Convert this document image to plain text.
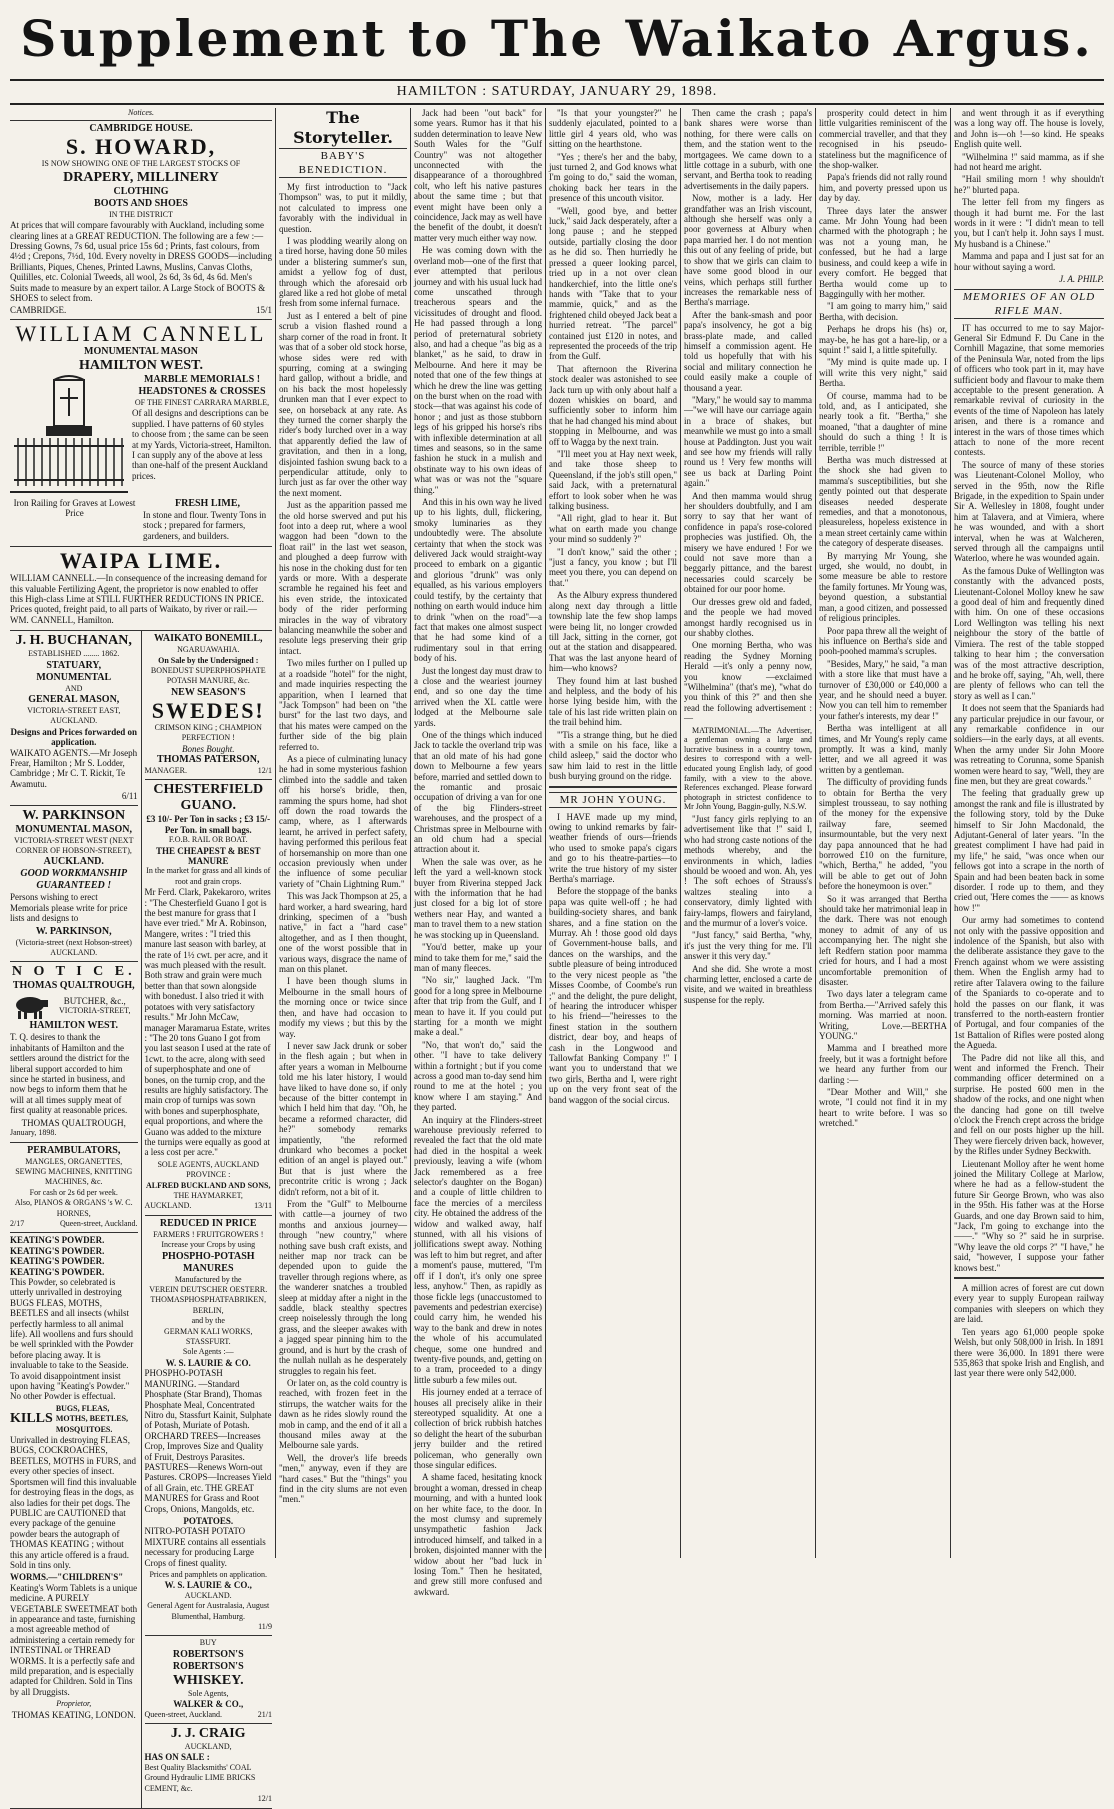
Supplement to The Waikato Argus.
HAMILTON : SATURDAY, JANUARY 29, 1898.
Notices.
CAMBRIDGE HOUSE.
S. HOWARD,
IS NOW SHOWING ONE OF THE LARGEST STOCKS OF
DRAPERY, MILLINERY
CLOTHING
BOOTS AND SHOES
IN THE DISTRICT

At prices that will compare favourably with Auckland, including some clearing lines at a GREAT REDUCTION. The following are a few :—Dressing Gowns, 7s 6d, usual price 15s 6d ; Prints, fast colours, from 4½d ; Crepons, 7½d, 10d. Every novelty in DRESS GOODS—including Brilliants, Piques, Chenes, Printed Lawns, Muslins, Canvas Cloths, Quililles, etc. Colonial Tweeds, all wool, 2s 6d, 3s 6d, 4s 6d. Men's Suits made to measure by an expert tailor. A Large Stock of BOOTS & SHOES to select from.

CAMBRIDGE.	15/1
WILLIAM CANNELL
MONUMENTAL MASON
HAMILTON WEST.
MARBLE MEMORIALS !
HEADSTONES & CROSSES
OF THE FINEST CARRARA MARBLE,

Of all designs and descriptions can be supplied. I have patterns of 60 styles to choose from ; the same can be seen at my Yards, Victoria-street, Hamilton. I can supply any of the above at less than one-half of the present Auckland prices.

Iron Railing for Graves at Lowest Price
FRESH LIME,

In stone and flour. Twenty Tons in stock ; prepared for farmers, gardeners, and builders.

WAIPA LIME.

WILLIAM CANNELL.—In consequence of the increasing demand for this valuable Fertilizing Agent, the proprietor is now enabled to offer this High-class Lime at STILL FURTHER REDUCTIONS IN PRICE. Prices quoted, freight paid, to all parts of Waikato, by river or rail.—WM. CANNELL, Hamilton.

J. H. BUCHANAN,
ESTABLISHED ........ 1862.
STATUARY, MONUMENTAL
AND
GENERAL MASON,
VICTORIA-STREET EAST, AUCKLAND.
Designs and Prices forwarded on application.

WAIKATO AGENTS.—Mr Joseph Frear, Hamilton ; Mr S. Lodder, Cambridge ; Mr C. T. Rickit, Te Awamutu.

6/11
W. PARKINSON
MONUMENTAL MASON,
VICTORIA-STREET WEST (NEXT CORNER OF HOBSON-STREET),
AUCKLAND.
GOOD WORKMANSHIP
GUARANTEED !

Persons wishing to erect Memorials please write for price lists and designs to

W. PARKINSON,
(Victoria-street (next Hobson-street) AUCKLAND.
N O T I C E.
THOMAS QUALTROUGH,
BUTCHER, &c.,
VICTORIA-STREET,
HAMILTON WEST.

T. Q. desires to thank the inhabitants of Hamilton and the settlers around the district for the liberal support accorded to him since he started in business, and now begs to inform them that he will at all times supply meat of first quality at reasonable prices.

THOMAS QUALTROUGH,
January, 1898.
PERAMBULATORS,
MANGLES, ORGANETTES,
SEWING MACHINES, KNITTING MACHINES, &c.
For cash or 2s 6d per week.
Also, PIANOS & ORGANS 's W. C. HORNES,
2/17	Queen-street, Auckland.
KEATING'S POWDER.
KEATING'S POWDER.
KEATING'S POWDER.
KEATING'S POWDER.

This Powder, so celebrated is utterly unrivalled in destroying BUGS FLEAS, MOTHS, BEETLES and all insects (whilst perfectly harmless to all animal life). All woollens and furs should be well sprinkled with the Powder before placing away. It is invaluable to take to the Seaside. To avoid disappointment insist upon having "Keating's Powder." No other Powder is effectual.

KILLS
BUGS, FLEAS, MOTHS, BEETLES, MOSQUITOES.

Unrivalled in destroying FLEAS, BUGS, COCKROACHES, BEETLES, MOTHS in FURS, and every other species of insect. Sportsmen will find this invaluable for destroying fleas in the dogs, as also ladies for their pet dogs. The PUBLIC are CAUTIONED that every package of the genuine powder bears the autograph of THOMAS KEATING ; without this any article offered is a fraud. Sold in tins only.

WORMS.—"CHILDREN'S"

Keating's Worm Tablets is a unique medicine. A PURELY VEGETABLE SWEETMEAT both in appearance and taste, furnishing a most agreeable method of administering a certain remedy for INTESTINAL or THREAD WORMS. It is a perfectly safe and mild preparation, and is especially adapted for Children. Sold in Tins by all Druggists.

Proprietor,
THOMAS KEATING, LONDON.
WAIKATO BONEMILL,
NGARUAWAHIA.
On Sale by the Undersigned :
BONEDUST SUPERPHOSPHATE POTASH MANURE, &c.
NEW SEASON'S
SWEDES!
CRIMSON KING ; CHAMPION PERFECTION !
Bones Bought.
THOMAS PATERSON,
MANAGER.	12/1
CHESTERFIELD GUANO.
£3 10/- Per Ton in sacks ; £3 15/- Per Ton. in small bags.
F.O.B. RAIL OR BOAT.
THE CHEAPEST & BEST MANURE
In the market for grass and all kinds of root and grain crops.

Mr Ferd. Clark, Pakekaroro, writes : "The Chesterfield Guano I got is the best manure for grass that I have ever tried." Mr A. Robinson, Mangere, writes : "I tried this manure last season with barley, at the rate of 1½ cwt. per acre, and it was much pleased with the result. Both straw and grain were much better than that sown alongside with bonedust. I also tried it with potatoes with very satisfactory results." Mr John McCaw, manager Maramarua Estate, writes : "The 20 tons Guano I got from you last season I used at the rate of 1cwt. to the acre, along with seed of superphosphate and one of bones, on the turnip crop, and the results are highly satisfactory. The main crop of turnips was sown with bones and superphosphate, equal proportions, and where the Guano was added to the mixture the turnips were equally as good at a less cost per acre."

SOLE AGENTS, AUCKLAND PROVINCE :
ALFRED BUCKLAND AND SONS,
THE HAYMARKET,
AUCKLAND.	13/11
REDUCED IN PRICE
FARMERS ! FRUITGROWERS !
Increase your Crops by using
PHOSPHO-POTASH MANURES
Manufactured by the
VEREIN DEUTSCHER OESTERR. THOMASPHOSPHATFABRIKEN, BERLIN,
and by the
GERMAN KALI WORKS, STASSFURT.
Sole Agents :—
W. S. LAURIE & CO.

PHOSPHO-POTASH MANURING. —Standard Phosphate (Star Brand), Thomas Phosphate Meal, Concentrated Nitro du, Stassfurt Kainit, Sulphate of Potash, Muriate of Potash. ORCHARD TREES—Increases Crop, Improves Size and Quality of Fruit, Destroys Parasites. PASTURES—Renews Worn-out Pastures. CROPS—Increases Yield of all Grain, etc. THE GREAT MANURES for Grass and Root Crops, Onions, Mangolds, etc.

POTATOES.

NITRO-POTASH POTATO MIXTURE contains all essentials necessary for producing Large Crops of finest quality.

Prices and pamphlets on application.
W. S. LAURIE & CO.,
AUCKLAND.
General Agent for Australasia, August Blumenthal, Hamburg.
11/9
BUY
ROBERTSON'S
ROBERTSON'S
WHISKEY.
Sole Agents,
WALKER & CO.,
Queen-street, Auckland.	21/1
J. J. CRAIG
AUCKLAND,
HAS ON SALE :
Best Quality Blacksmiths' COAL Ground Hydraulic LIME BRICKS CEMENT, &c.
12/1
The Storyteller.
BABY'S BENEDICTION.

My first introduction to "Jack Thompson" was, to put it mildly, not calculated to impress one favorably with the individual in question.

I was plodding wearily along on a tired horse, having done 50 miles under a blistering summer's sun, amidst a yellow fog of dust, through which the aforesaid orb glared like a red hot globe of metal fresh from some infernal furnace.

Just as I entered a belt of pine scrub a vision flashed round a sharp corner of the road in front. It was that of a sober old stock horse, whose sides were red with spurring, coming at a swinging hard gallop, without a bridle, and on his back the most hopelessly drunken man that I ever expect to see, on horseback at any rate. As they turned the corner sharply the rider's body lurched over in a way that apparently defied the law of gravitation, and then in a long, disjointed fashion swung back to a perpendicular attitude, only to lurch just as far over the other way the next moment.

Just as the apparition passed me the old horse swerved and put his foot into a deep rut, where a wool waggon had been "down to the float rail" in the last wet season, and ploughed a deep furrow with his nose in the choking dust for ten yards or more. With a desperate scramble he regained his feet and his even stride, the intoxicated body of the rider performing miracles in the way of vibratory balancing meanwhile the sober and resolute legs preserving their grip intact.

Two miles further on I pulled up at a roadside "hotel" for the night, and made inquiries respecting the apparition, when I learned that "Jack Tompson" had been on "the burst" for the last two days, and that his mates were camped on the further side of the big plain referred to.

As a piece of culminating lunacy he had in some mysterious fashion climbed into the saddle and taken off his horse's bridle, then, ramming the spurs home, had shot off down the road towards the camp, where, as I afterwards learnt, he arrived in perfect safety, having performed this perilous feat of horsemanship on more than one occasion previously when under the influence of some peculiar variety of "Chain Lightning Rum."

This was Jack Thompson at 25, a hard worker, a hard swearing, hard drinking, specimen of a "bush native," in fact a "hard case" altogether, and as I then thought, one of the worst possible that in various ways, disgrace the name of man on this planet.

I have been though slums in Melbourne in the small hours of the morning once or twice since then, and have had occasion to modify my views ; but this by the way.

I never saw Jack drunk or sober in the flesh again ; but when in after years a woman in Melbourne told me his later history, I would have liked to have done so, if only because of the bitter contempt in which I held him that day. "Oh, he became a reformed character, did he?" somebody remarks impatiently, "the reformed drunkard who becomes a pocket edition of an angel is played out." But that is just where the precontrite critic is wrong ; Jack didn't reform, not a bit of it.

From the "Gulf" to Melbourne with cattle—a journey of two months and anxious journey—through "new country," where nothing save bush craft exists, and neither map nor track can be depended upon to guide the traveller through regions where, as the wanderer snatches a troubled sleep at midday after a night in the saddle, black stealthy spectres creep noiselessly through the long grass, and the sleeper awakes with a jagged spear pinning him to the ground, and is hurt by the crash of the nullah nullah as he desperately struggles to regain his feet.

Or later on, as the cold country is reached, with frozen feet in the stirrups, the watcher waits for the dawn as he rides slowly round the mob in camp, and the end of it all a thousand miles away at the Melbourne sale yards.

Well, the drover's life breeds "men," anyway, even if they are "hard cases." But the "things" you find in the city slums are not even "men."

Jack had been "out back" for some years. Rumor has it that his sudden determination to leave New South Wales for the "Gulf Country" was not altogether unconnected with the disappearance of a thoroughbred colt, who left his native pastures about the same time ; but that event might have been only a coincidence, Jack may as well have the benefit of the doubt, it doesn't matter very much either way now.

He was coming down with the overland mob—one of the first that ever attempted that perilous journey and with his usual luck had come unscathed through treacherous spears and the vicissitudes of drought and flood. He had passed through a long period of preternatural sobriety also, and had a cheque "as big as a blanket," as he said, to draw in Melbourne. And here it may be noted that one of the few things at which he drew the line was getting on the burst when on the road with stock—that was against his code of honor ; and just as those stubborn legs of his gripped his horse's ribs with inflexible determination at all times and seasons, so in the same fashion he stuck in a mulish and obstinate way to his own ideas of what was or was not the "square thing."

And this in his own way he lived up to his lights, dull, flickering, smoky luminaries as they undoubtedly were. The absolute certainty that when the stock was delivered Jack would straight-way proceed to embark on a gigantic and glorious "drunk" was only equalled, as his various employers could testify, by the certainty that nothing on earth would induce him to drink "when on the road"—a fact that makes one almost suspect that he had some kind of a rudimentary soul in that erring body of his.

Just the longest day must draw to a close and the weariest journey end, and so one day the time arrived when the XL cattle were lodged at the Melbourne sale yards.

One of the things which induced Jack to tackle the overland trip was that an old mate of his had gone down to Melbourne a few years before, married and settled down to the romantic and prosaic occupation of driving a van for one of the big Flinders-street warehouses, and the prospect of a Christmas spree in Melbourne with an old chum had a special attraction about it.

When the sale was over, as he left the yard a well-known stock buyer from Riverina stepped Jack with the information that he had just closed for a big lot of store wethers near Hay, and wanted a man to travel them to a new station he was stocking up in Queensland.

"You'd better, make up your mind to take them for me," said the man of many fleeces.

"No sir," laughed Jack. "I'm good for a long spree in Melbourne after that trip from the Gulf, and I mean to have it. If you could put starting for a month we might make a deal."

"No, that won't do," said the other. "I have to take delivery within a fortnight ; but if you come across a good man to-day send him round to me at the hotel ; you know where I am staying." And they parted.

An inquiry at the Flinders-street warehouse previously referred to revealed the fact that the old mate had died in the hospital a week previously, leaving a wife (whom Jack remembered as a free selector's daughter on the Bogan) and a couple of little children to face the mercies of a merciless city. He obtained the address of the widow and walked away, half stunned, with all his visions of jollifications swept away. Nothing was left to him but regret, and after a moment's pause, muttered, "I'm off if I don't, it's only one spree less, anyhow." Then, as rapidly as those fickle legs (unaccustomed to pavements and pedestrian exercise) could carry him, he wended his way to the bank and drew in notes the whole of his accumulated cheque, some one hundred and twenty-five pounds, and, getting on to a tram, proceeded to a dingy little suburb a few miles out.

His journey ended at a terrace of houses all precisely alike in their stereotyped squalidity. At one a collection of brick rubbish hatches so delight the heart of the suburban jerry builder and the retired policeman, who generally own those singular edifices.

A shame faced, hesitating knock brought a woman, dressed in cheap mourning, and with a hunted look on her white face, to the door. In the most clumsy and supremely unsympathetic fashion Jack introduced himself, and talked in a broken, disjointed manner with the widow about her "bad luck in losing Tom." Then he hesitated, and grew still more confused and awkward.

"Is that your youngster?" he suddenly ejaculated, pointed to a little girl 4 years old, who was sitting on the hearthstone.

"Yes ; there's her and the baby, just turned 2, and God knows what I'm going to do," said the woman, choking back her tears in the presence of this uncouth visitor.

"Well, good bye, and better luck," said Jack desperately, after a long pause ; and he stepped outside, partially closing the door as he did so. Then hurriedly he pressed a queer looking parcel, tried up in a not over clean handkerchief, into the little one's hands with "Take that to your mammie, quick," and as the frightened child obeyed Jack beat a hurried retreat. "The parcel" contained just £120 in notes, and represented the proceeds of the trip from the Gulf.

That afternoon the Riverina stock dealer was astonished to see Jack turn up with only about half a dozen whiskies on board, and sufficiently sober to inform him that he had changed his mind about stopping in Melbourne, and was off to Wagga by the next train.

"I'll meet you at Hay next week, and take those sheep to Queensland, if the job's still open," said Jack, with a preternatural effort to look sober when he was talking business.

"All right, glad to hear it. But what on earth made you change your mind so suddenly ?"

"I don't know," said the other ; "just a fancy, you know ; but I'll meet you there, you can depend on that."

As the Albury express thundered along next day through a little township late the few shop lamps were being lit, no longer crowded till Jack, sitting in the corner, got out at the station and disappeared. That was the last anyone heard of him—who knows?

They found him at last bushed and helpless, and the body of his horse lying beside him, with the tale of his last ride written plain on the trail behind him.

"'Tis a strange thing, but he died with a smile on his face, like a child asleep," said the doctor who saw him laid to rest in the little bush burying ground on the ridge.

MR JOHN YOUNG.

I HAVE made up my mind, owing to unkind remarks by fair-weather friends of ours—friends who used to smoke papa's cigars and go to his theatre-parties—to write the true history of my sister Bertha's marriage.

Before the stoppage of the banks papa was quite well-off ; he had building-society shares, and bank shares, and a fine station on the Murray. Ah ! those good old days of Government-house balls, and dances on the warships, and the subtle pleasure of being introduced to the very nicest people as "the Misses Coombe, of Coombe's run ;" and the delight, the pure delight, of hearing the introducer whisper to his friend—"heiresses to the finest station in the southern district, dear boy, and heaps of cash in the Longwood and Tallowfat Banking Company !" I want you to understand that we two girls, Bertha and I, were right up on the very front seat of the band waggon of the social circus.

Then came the crash ; papa's bank shares were worse than nothing, for there were calls on them, and the station went to the mortgagees. We came down to a little cottage in a suburb, with one servant, and Bertha took to reading advertisements in the daily papers.

Now, mother is a lady. Her grandfather was an Irish viscount, although she herself was only a poor governess at Albury when papa married her. I do not mention this out of any feeling of pride, but to show that we girls can claim to have some good blood in our veins, which perhaps still further increases the remarkable ness of Bertha's marriage.

After the bank-smash and poor papa's insolvency, he got a big brass-plate made, and called himself a commission agent. He told us hopefully that with his social and military connection he could easily make a couple of thousand a year.

"Mary," he would say to mamma —"we will have our carriage again in a brace of shakes, but meanwhile we must go into a small house at Paddington. Just you wait and see how my friends will rally round us ! Very few months will see us back at Darling Point again."

And then mamma would shrug her shoulders doubtfully, and I am sorry to say that her want of confidence in papa's rose-colored prophecies was justified. Oh, the misery we have endured ! For we could not save more than a beggarly pittance, and the barest necessaries could scarcely be obtained for our poor home.

Our dresses grew old and faded, and the people we had moved amongst hardly recognised us in our shabby clothes.

One morning Bertha, who was reading the Sydney Morning Herald —it's only a penny now, you know —exclaimed "Wilhelmina" (that's me), "what do you think of this ?" and then she read the following advertisement :—

MATRIMONIAL.—The Advertiser, a gentleman owning a large and lucrative business in a country town, desires to correspond with a well-educated young English lady, of good family, with a view to the above. References exchanged. Please forward photograph in strictest confidence to Mr John Young, Baggin-gully, N.S.W.

"Just fancy girls replying to an advertisement like that !" said I, who had strong caste notions of the methods whereby, and the environments in which, ladies should be wooed and won. Ah, yes ! The soft echoes of Strauss's waltzes stealing into a conservatory, dimly lighted with fairy-lamps, flowers and fairyland, and the murmur of a lover's voice.

"Just fancy," said Bertha, "why, it's just the very thing for me. I'll answer it this very day."

And she did. She wrote a most charming letter, enclosed a carte de visite, and we waited in breathless suspense for the reply.

prosperity could detect in him little vulgarities reminiscent of the commercial traveller, and that they recognised in his pseudo-stateliness but the magnificence of the shop-walker.

Papa's friends did not rally round him, and poverty pressed upon us day by day.

Three days later the answer came. Mr John Young had been charmed with the photograph ; he was not a young man, he confessed, but he had a large business, and could keep a wife in every comfort. He begged that Bertha would come up to Baggingully with her mother.

"I am going to marry him," said Bertha, with decision.

Perhaps he drops his (hs) or, may-be, he has got a hare-lip, or a squint !" said I, a little spitefully.

"My mind is quite made up. I will write this very night," said Bertha.

Of course, mamma had to be told, and, as I anticipated, she nearly took a fit. "Bertha," she moaned, "that a daughter of mine should do such a thing ! It is terrible, terrible !"

Bertha was much distressed at the shock she had given to mamma's susceptibilities, but she gently pointed out that desperate diseases needed desperate remedies, and that a monotonous, pleasureless, hopeless existence in a mean street certainly came within the category of desperate diseases.

By marrying Mr Young, she urged, she would, no doubt, in some measure be able to restore the family fortunes. Mr Young was, beyond question, a substantial man, a good citizen, and possessed of religious principles.

Poor papa threw all the weight of his influence on Bertha's side and pooh-poohed mamma's scruples.

"Besides, Mary," he said, "a man with a store like that must have a turnover of £30,000 or £40,000 a year, and he should need a buyer. Now you can tell him to remember your father's interests, my dear !"

Bertha was intelligent at all times, and Mr Young's reply came promptly. It was a kind, manly letter, and we all agreed it was written by a gentleman.

The difficulty of providing funds to obtain for Bertha the very simplest trousseau, to say nothing of the money for the expensive railway fare, seemed insurmountable, but the very next day papa announced that he had borrowed £10 on the furniture, "which, Bertha," he added, "you will be able to get out of John before the honeymoon is over."

So it was arranged that Bertha should take her matrimonial leap in the dark. There was not enough money to admit of any of us accompanying her. The night she left Redfern station poor mamma cried for hours, and I had a most uncomfortable premonition of disaster.

Two days later a telegram came from Bertha.—"Arrived safely this morning. Was married at noon. Writing, Love.—BERTHA YOUNG."

Mamma and I breathed more freely, but it was a fortnight before we heard any further from our darling :—

"Dear Mother and Will," she wrote, "I could not find it in my heart to write before. I was so wretched."

and went through it as if everything was a long way off. The house is lovely, and John is—oh !—so kind. He speaks English quite well.

"Wilhelmina !" said mamma, as if she had not heard me aright.

"Hail smiling morn ! why shouldn't he?" blurted papa.

The letter fell from my fingers as though it had burnt me. For the last words in it were : "I didn't mean to tell you, but I can't help it. John says I must. My husband is a Chinese."

Mamma and papa and I just sat for an hour without saying a word.

J. A. PHILP.
MEMORIES OF AN OLD RIFLE MAN.

IT has occurred to me to say Major-General Sir Edmund F. Du Cane in the Cornhill Magazine, that some memories of the Peninsula War, noted from the lips of officers who took part in it, may have sufficient body and flavour to make them acceptable to the present generation. A remarkable revival of curiosity in the events of the time of Napoleon has lately arisen, and there is a romance and interest in the wars of those times which attach to none of the more recent contests.

The source of many of these stories was Lieutenant-Colonel Molloy, who served in the 95th, now the Rifle Brigade, in the expedition to Spain under Sir A. Wellesley in 1808, fought under him at Talavera, and at Vimiera, where he was wounded, and with a short interval, when he was at Walcheren, served through all the campaigns until Waterloo, where he was wounded again.

As the famous Duke of Wellington was constantly with the advanced posts, Lieutenant-Colonel Molloy knew he saw a good deal of him and frequently dined with him. On one of these occasions Lord Wellington was telling his next neighbour the story of the battle of Vimiera. The rest of the table stopped talking to hear him ; the conversation was of the most attractive description, and he broke off, saying, "Ah, well, there are plenty of fellows who can tell the story as well as I can."

It does not seem that the Spaniards had any particular prejudice in our favour, or any remarkable confidence in our soldiers—in the early days, at all events. When the army under Sir John Moore was retreating to Corunna, some Spanish women were heard to say, "Well, they are fine men, but they are great cowards."

The feeling that gradually grew up amongst the rank and file is illustrated by the following story, told by the Duke himself to Sir John Macdonald, the Adjutant-General of later years. "In the greatest compliment I have had paid in my life," he said, "was once when our fellows got into a scrape in the north of Spain and had been beaten back in some disorder. I rode up to them, and they cried out, 'Here comes the —— as knows how !'"

Our army had sometimes to contend not only with the passive opposition and indolence of the Spanish, but also with the deliberate assistance they gave to the French against whom we were assisting them. When the English army had to retire after Talavera owing to the failure of the Spaniards to co-operate and to hold the passes on our flank, it was transferred to the north-eastern frontier of Portugal, and four companies of the 1st Battalion of Rifles were posted along the Agueda.

The Padre did not like all this, and went and informed the French. Their commanding officer determined on a surprise. He posted 600 men in the shadow of the rocks, and one night when the dancing had gone on till twelve o'clock the French crept across the bridge and fell on our posts higher up the hill. They were fiercely driven back, however, by the Rifles under Sydney Beckwith.

Lieutenant Molloy after he went home joined the Military College at Marlow, where he had as a fellow-student the future Sir George Brown, who was also in the 95th. His father was at the Horse Guards, and one day Brown said to him, "Jack, I'm going to exchange into the——." "Why so ?" said he in surprise. "Why leave the old corps ?" "I have," he said, "however, I suppose your father knows best."

A million acres of forest are cut down every year to supply European railway companies with sleepers on which they are laid.

Ten years ago 61,000 people spoke Welsh, but only 508,000 in Irish. In 1891 there were 36,000. In 1891 there were 535,863 that spoke Irish and English, and last year there were only 542,000.
